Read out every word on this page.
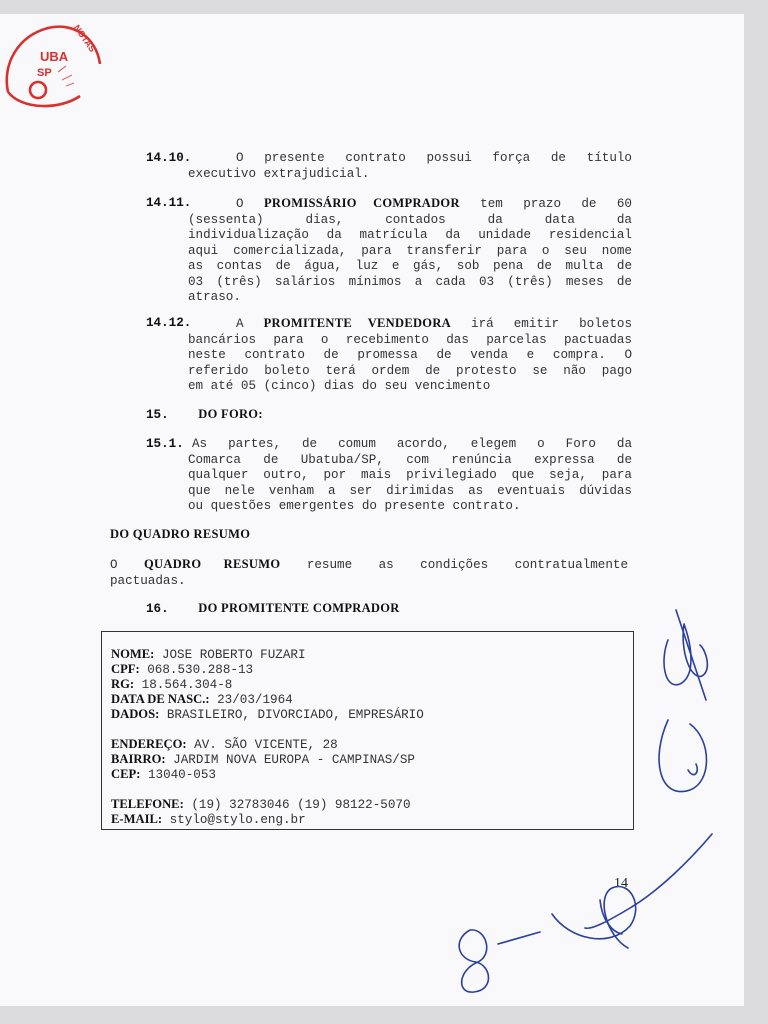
NOTAS
UBA
SP
14.10.	O presente contrato possui força de título
executivo extrajudicial.
14.11.	O PROMISSÁRIO COMPRADOR tem prazo de 60
(sessenta) dias, contados da data da
individualização da matrícula da unidade residencial
aqui comercializada, para transferir para o seu nome
as contas de água, luz e gás, sob pena de multa de
03 (três) salários mínimos a cada 03 (três) meses de
atraso.
14.12.	A PROMITENTE VENDEDORA irá emitir boletos
bancários para o recebimento das parcelas pactuadas
neste contrato de promessa de venda e compra. O
referido boleto terá ordem de protesto se não pago
em até 05 (cinco) dias do seu vencimento
15. DO FORO:
15.1. As partes, de comum acordo, elegem o Foro da
Comarca de Ubatuba/SP, com renúncia expressa de
qualquer outro, por mais privilegiado que seja, para
que nele venham a ser dirimidas as eventuais dúvidas
ou questões emergentes do presente contrato.
DO QUADRO RESUMO
O QUADRO RESUMO resume as condições contratualmente
pactuadas.
16. DO PROMITENTE COMPRADOR
NOME: JOSE ROBERTO FUZARI
CPF: 068.530.288-13
RG: 18.564.304-8
DATA DE NASC.: 23/03/1964
DADOS: BRASILEIRO, DIVORCIADO, EMPRESÁRIO
ENDEREÇO: AV. SÃO VICENTE, 28
BAIRRO: JARDIM NOVA EUROPA - CAMPINAS/SP
CEP: 13040-053
TELEFONE: (19) 32783046 (19) 98122-5070
E-MAIL: stylo@stylo.eng.br
14
